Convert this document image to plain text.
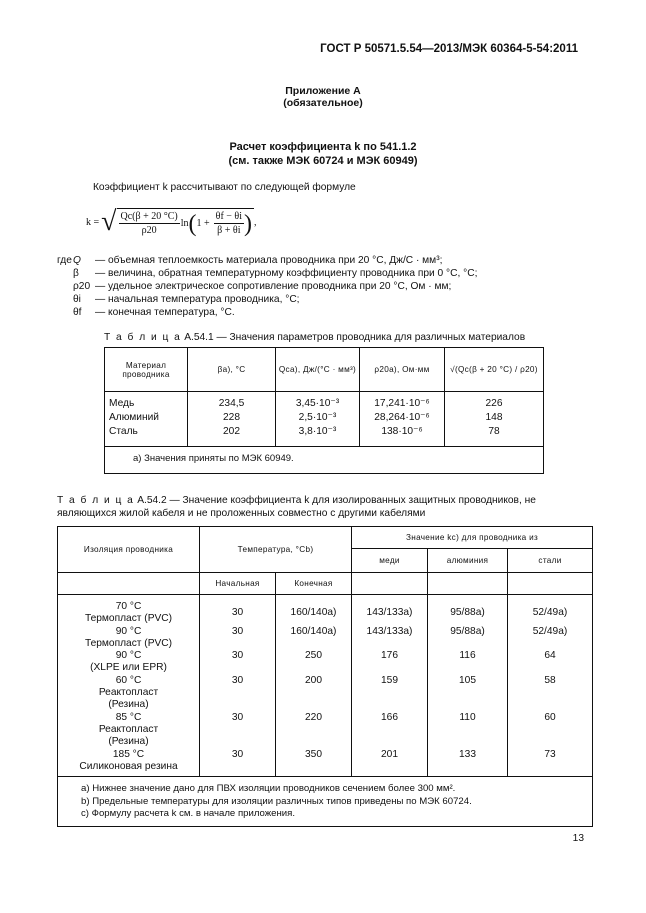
ГОСТ Р 50571.5.54—2013/МЭК 60364-5-54:2011
Приложение А
(обязательное)
Расчет коэффициента k по 541.1.2
(см. также МЭК 60724 и МЭК 60949)
Коэффициент k рассчитывают по следующей формуле
k = √ $\frac{Qc(\beta + 20 ^\circ C)}{\rho 20}$ ln ( $1 + \frac{\theta f - \theta i}{\beta + \theta i}$ ) ,
где Q	— объемная теплоемкость материала проводника при 20 °С, Дж/С · мм³;
β	— величина, обратная температурному коэффициенту проводника при 0 °С, °С;
ρ20 — удельное электрическое сопротивление проводника при 20 °С, Ом · мм;
θi	— начальная температура проводника, °С;
θf	— конечная температура, °С.
Т а б л и ц а А.54.1 — Значения параметров проводника для различных материалов
Материал проводника	βа), °С	Qcа), Дж/(°С · мм³)	ρ20а), Ом·мм	√(Qc(β + 20 °C) / ρ20)
Медь	234,5	3,45·10⁻³	17,241·10⁻⁶	226
Алюминий	228	2,5·10⁻³	28,264·10⁻⁶	148
Сталь	202	3,8·10⁻³	138·10⁻⁶	78
а) Значения приняты по МЭК 60949.				
Т а б л и ц а А.54.2 — Значение коэффициента k для изолированных защитных проводников, не являющихся жилой кабеля и не проложенных совместно с другими кабелями
Изоляция проводника	Температура, °Сb)		Значение kc) для проводника из		
			меди	алюминия	стали
	Начальная	Конечная			

70 °С
Термопласт (PVC)	30	160/140а)	143/133а)	95/88а)	52/49а)

90 °С
Термопласт (PVC)	30	160/140а)	143/133а)	95/88а)	52/49а)

90 °С
(XLPE или EPR)	30	250	176	116	64

60 °С
Реактопласт
(Резина)	30	200	159	105	58

85 °С
Реактопласт
(Резина)	30	220	166	110	60

185 °С
Силиконовая резина	30	350	201	133	73

а) Нижнее значение дано для ПВХ изоляции проводников сечением более 300 мм².
b) Предельные температуры для изоляции различных типов приведены по МЭК 60724.
c) Формулу расчета k см. в начале приложения.					
13
